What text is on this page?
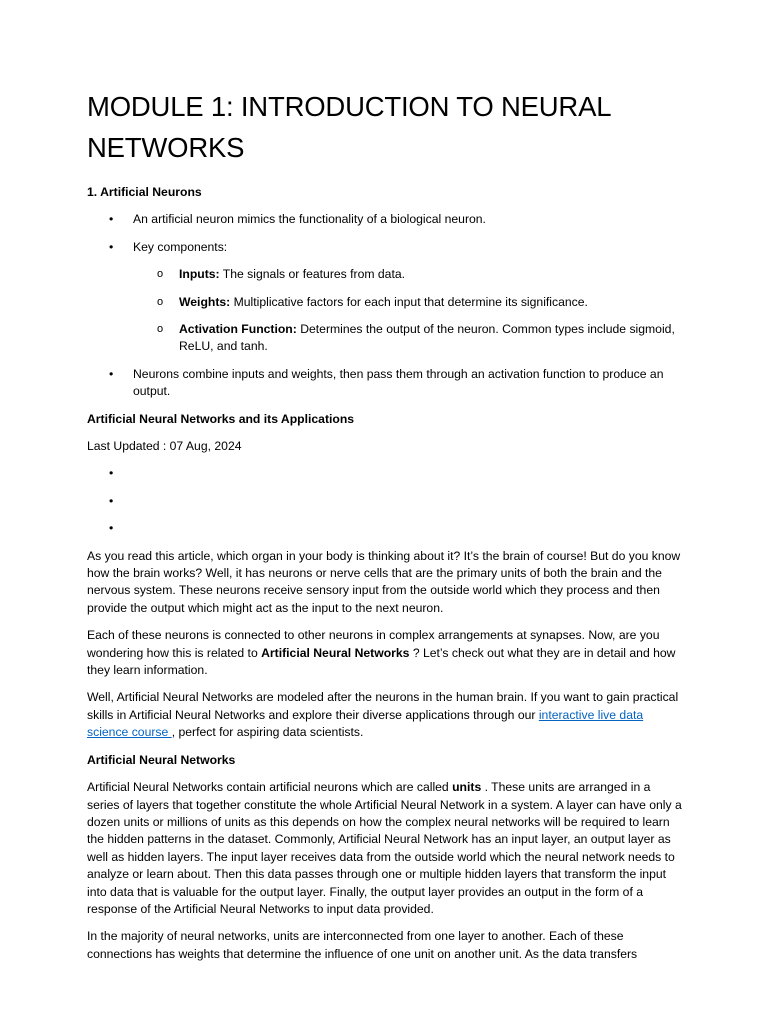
MODULE 1: INTRODUCTION TO NEURAL NETWORKS

1. Artificial Neurons

• An artificial neuron mimics the functionality of a biological neuron.
• Key components:
o Inputs: The signals or features from data.
o Weights: Multiplicative factors for each input that determine its significance.
o Activation Function: Determines the output of the neuron. Common types include sigmoid, ReLU, and tanh.
• Neurons combine inputs and weights, then pass them through an activation function to produce an output.

Artificial Neural Networks and its Applications

Last Updated : 07 Aug, 2024

•
•
•

As you read this article, which organ in your body is thinking about it? It’s the brain of course! But do you know how the brain works? Well, it has neurons or nerve cells that are the primary units of both the brain and the nervous system. These neurons receive sensory input from the outside world which they process and then provide the output which might act as the input to the next neuron.

Each of these neurons is connected to other neurons in complex arrangements at synapses. Now, are you wondering how this is related to Artificial Neural Networks ? Let’s check out what they are in detail and how they learn information.

Well, Artificial Neural Networks are modeled after the neurons in the human brain. If you want to gain practical skills in Artificial Neural Networks and explore their diverse applications through our interactive live data science course , perfect for aspiring data scientists.

Artificial Neural Networks

Artificial Neural Networks contain artificial neurons which are called units . These units are arranged in a series of layers that together constitute the whole Artificial Neural Network in a system. A layer can have only a dozen units or millions of units as this depends on how the complex neural networks will be required to learn the hidden patterns in the dataset. Commonly, Artificial Neural Network has an input layer, an output layer as well as hidden layers. The input layer receives data from the outside world which the neural network needs to analyze or learn about. Then this data passes through one or multiple hidden layers that transform the input into data that is valuable for the output layer. Finally, the output layer provides an output in the form of a response of the Artificial Neural Networks to input data provided.

In the majority of neural networks, units are interconnected from one layer to another. Each of these connections has weights that determine the influence of one unit on another unit. As the data transfers
